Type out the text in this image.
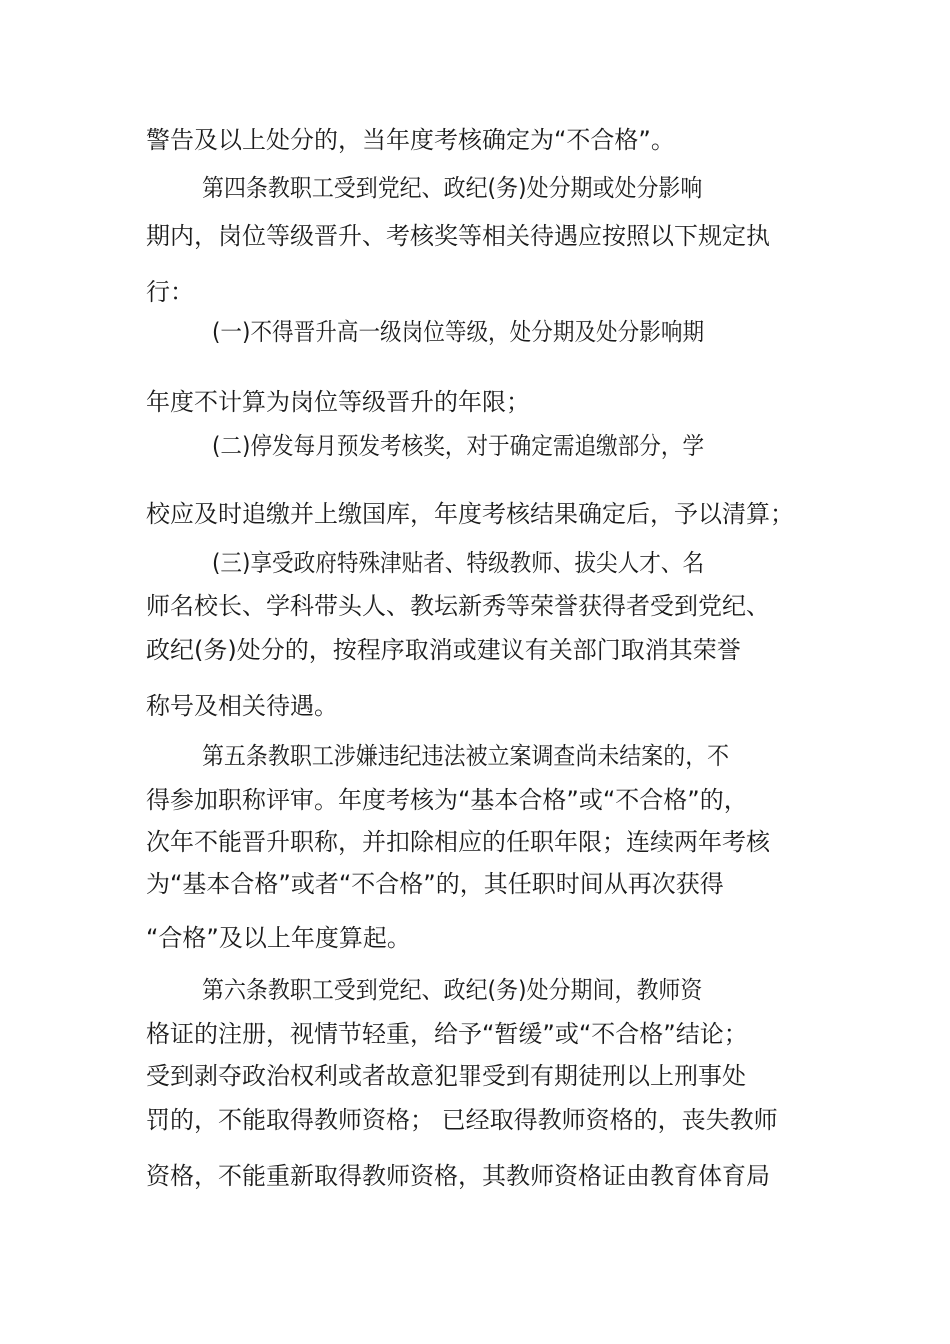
警告及以上处分的，当年度考核确定为“不合格”。
第四条教职工受到党纪、政纪(务)处分期或处分影响
期内，岗位等级晋升、考核奖等相关待遇应按照以下规定执
行：
(一)不得晋升高一级岗位等级，处分期及处分影响期
年度不计算为岗位等级晋升的年限；
(二)停发每月预发考核奖，对于确定需追缴部分，学
校应及时追缴并上缴国库，年度考核结果确定后，予以清算；
(三)享受政府特殊津贴者、特级教师、拔尖人才、名
师名校长、学科带头人、教坛新秀等荣誉获得者受到党纪、
政纪(务)处分的，按程序取消或建议有关部门取消其荣誉
称号及相关待遇。
第五条教职工涉嫌违纪违法被立案调查尚未结案的，不
得参加职称评审。年度考核为“基本合格”或“不合格”的，
次年不能晋升职称，并扣除相应的任职年限；连续两年考核
为“基本合格”或者“不合格”的，其任职时间从再次获得
“合格”及以上年度算起。
第六条教职工受到党纪、政纪(务)处分期间，教师资
格证的注册，视情节轻重，给予“暂缓”或“不合格”结论；
受到剥夺政治权利或者故意犯罪受到有期徒刑以上刑事处
罚的，不能取得教师资格； 已经取得教师资格的，丧失教师
资格，不能重新取得教师资格，其教师资格证由教育体育局
